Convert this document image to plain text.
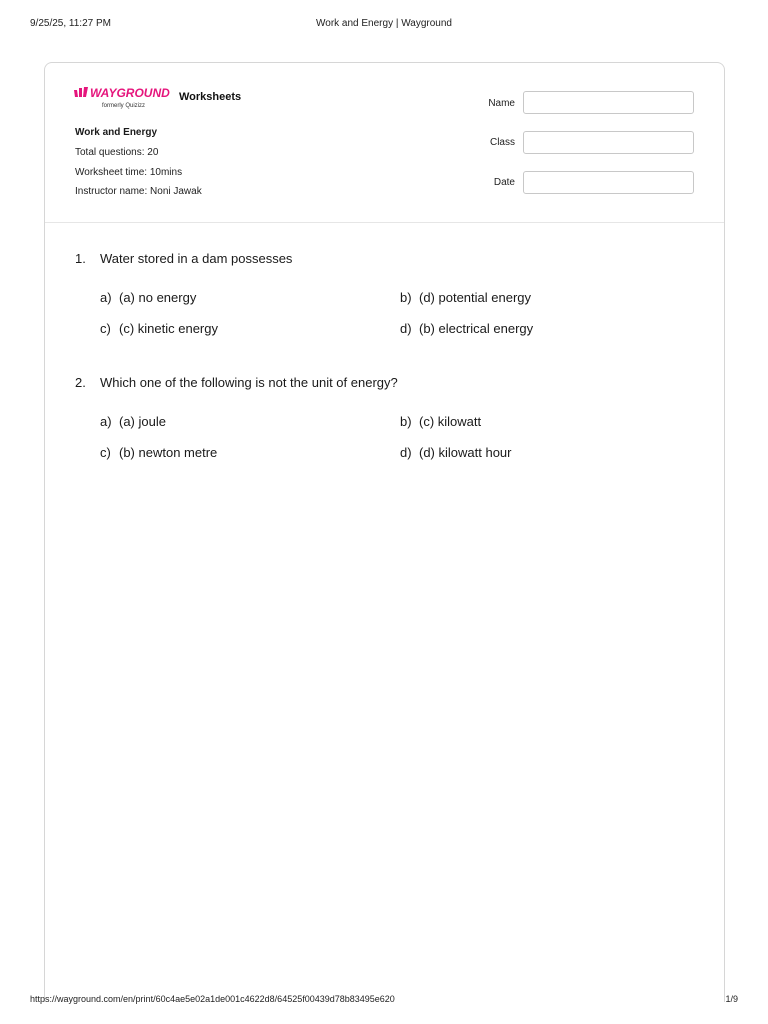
9/25/25, 11:27 PM	Work and Energy | Wayground
WAYGROUND
formerly Quizizz
Worksheets
Work and Energy
Total questions: 20
Worksheet time: 10mins
Instructor name: Noni Jawak
Name
Class
Date
1. Water stored in a dam possesses
a) (a) no energy	b) (d) potential energy
c) (c) kinetic energy	d) (b) electrical energy
2. Which one of the following is not the unit of energy?
a) (a) joule	b) (c) kilowatt
c) (b) newton metre	d) (d) kilowatt hour
https://wayground.com/en/print/60c4ae5e02a1de001c4622d8/64525f00439d78b83495e620	1/9
